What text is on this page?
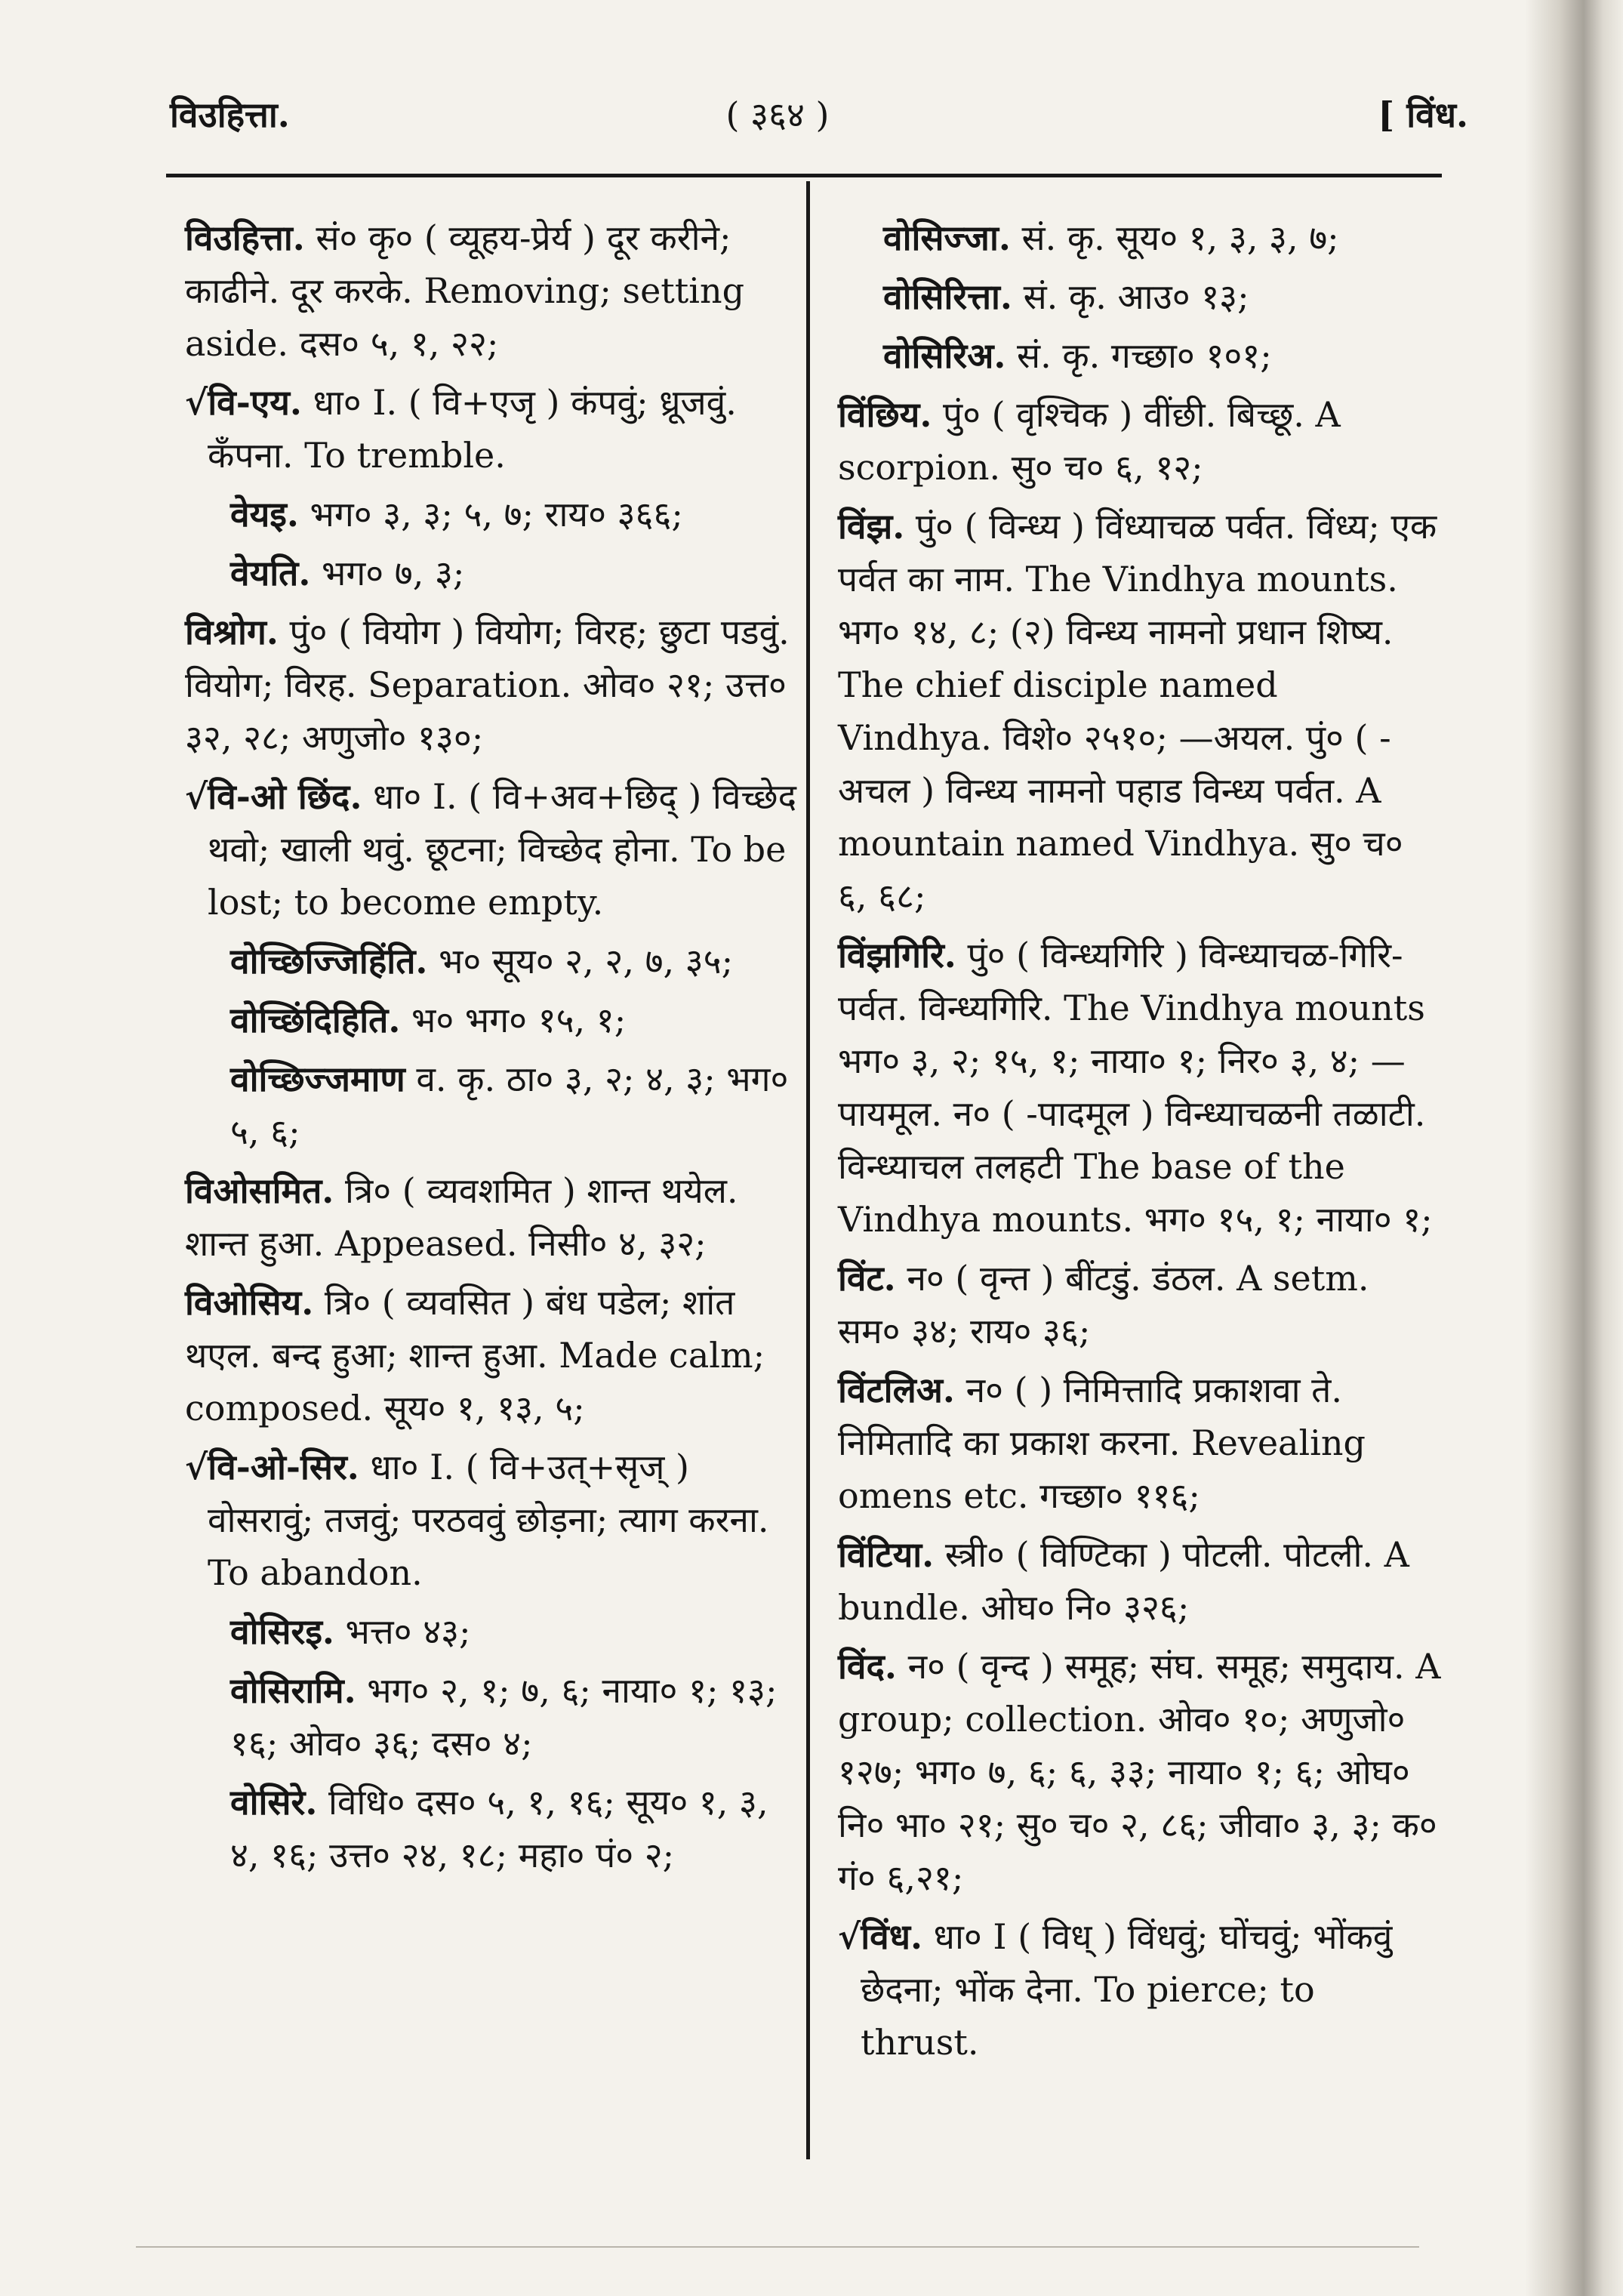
विउहित्ता.	( ३६४ )	[ विंध.
विउहित्ता. सं० कृ० ( व्यूहय-प्रेर्य ) दूर करीने; काढीने. दूर करके. Removing; setting aside. दस० ५, १, २२;
√वि-एय. धा० I. ( वि+एजृ ) कंपवुं; ध्रूजवुं. कँपना. To tremble.
वेयइ. भग० ३, ३; ५, ७; राय० ३६६;
वेयति. भग० ७, ३;
विश्रोग. पुं० ( वियोग ) वियोग; विरह; छुटा पडवुं. वियोग; विरह. Separation. ओव० २१; उत्त० ३२, २८; अणुजो० १३०;
√वि-ओ छिंद. धा० I. ( वि+अव+छिद् ) विच्छेद थवो; खाली थवुं. छूटना; विच्छेद होना. To be lost; to become empty.
वोच्छिज्जिहिंति. भ० सूय० २, २, ७, ३५;
वोच्छिंदिहिति. भ० भग० १५, १;
वोच्छिज्जमाण व. कृ. ठा० ३, २; ४, ३; भग० ५, ६;
विओसमित. त्रि० ( व्यवशमित ) शान्त थयेल. शान्त हुआ. Appeased. निसी० ४, ३२;
विओसिय. त्रि० ( व्यवसित ) बंध पडेल; शांत थएल. बन्द हुआ; शान्त हुआ. Made calm; composed. सूय० १, १३, ५;
√वि-ओ-सिर. धा० I. ( वि+उत्+सृज् ) वोसरावुं; तजवुं; परठववुं छोड़ना; त्याग करना. To abandon.
वोसिरइ. भत्त० ४३;
वोसिरामि. भग० २, १; ७, ६; नाया० १; १३; १६; ओव० ३६; दस० ४;
वोसिरे. विधि० दस० ५, १, १६; सूय० १, ३, ४, १६; उत्त० २४, १८; महा० पं० २;
वोसिज्जा. सं. कृ. सूय० १, ३, ३, ७;
वोसिरित्ता. सं. कृ. आउ० १३;
वोसिरिअ. सं. कृ. गच्छा० १०१;
विंछिय. पुं० ( वृश्चिक ) वींछी. बिच्छू. A scorpion. सु० च० ६, १२;
विंझ. पुं० ( विन्ध्य ) विंध्याचळ पर्वत. विंध्य; एक पर्वत का नाम. The Vindhya mounts. भग० १४, ८; (२) विन्ध्य नामनो प्रधान शिष्य. The chief disciple named Vindhya. विशे० २५१०; —अयल. पुं० ( -अचल ) विन्ध्य नामनो पहाड विन्ध्य पर्वत. A mountain named Vindhya. सु० च० ६, ६८;
विंझगिरि. पुं० ( विन्ध्यगिरि ) विन्ध्याचळ-गिरि-पर्वत. विन्ध्यगिरि. The Vindhya mounts भग० ३, २; १५, १; नाया० १; निर० ३, ४; —पायमूल. न० ( -पादमूल ) विन्ध्याचळनी तळाटी. विन्ध्याचल तलहटी The base of the Vindhya mounts. भग० १५, १; नाया० १;
विंट. न० ( वृन्त ) बींटडुं. डंठल. A setm. सम० ३४; राय० ३६;
विंटलिअ. न० ( ) निमित्तादि प्रकाशवा ते. निमितादि का प्रकाश करना. Revealing omens etc. गच्छा० ११६;
विंटिया. स्त्री० ( विण्टिका ) पोटली. पोटली. A bundle. ओघ० नि० ३२६;
विंद. न० ( वृन्द ) समूह; संघ. समूह; समुदाय. A group; collection. ओव० १०; अणुजो० १२७; भग० ७, ६; ६, ३३; नाया० १; ६; ओघ० नि० भा० २१; सु० च० २, ८६; जीवा० ३, ३; क० गं० ६,२१;
√विंध. धा० I ( विध् ) विंधवुं; घोंचवुं; भोंकवुं छेदना; भोंक देना. To pierce; to thrust.
